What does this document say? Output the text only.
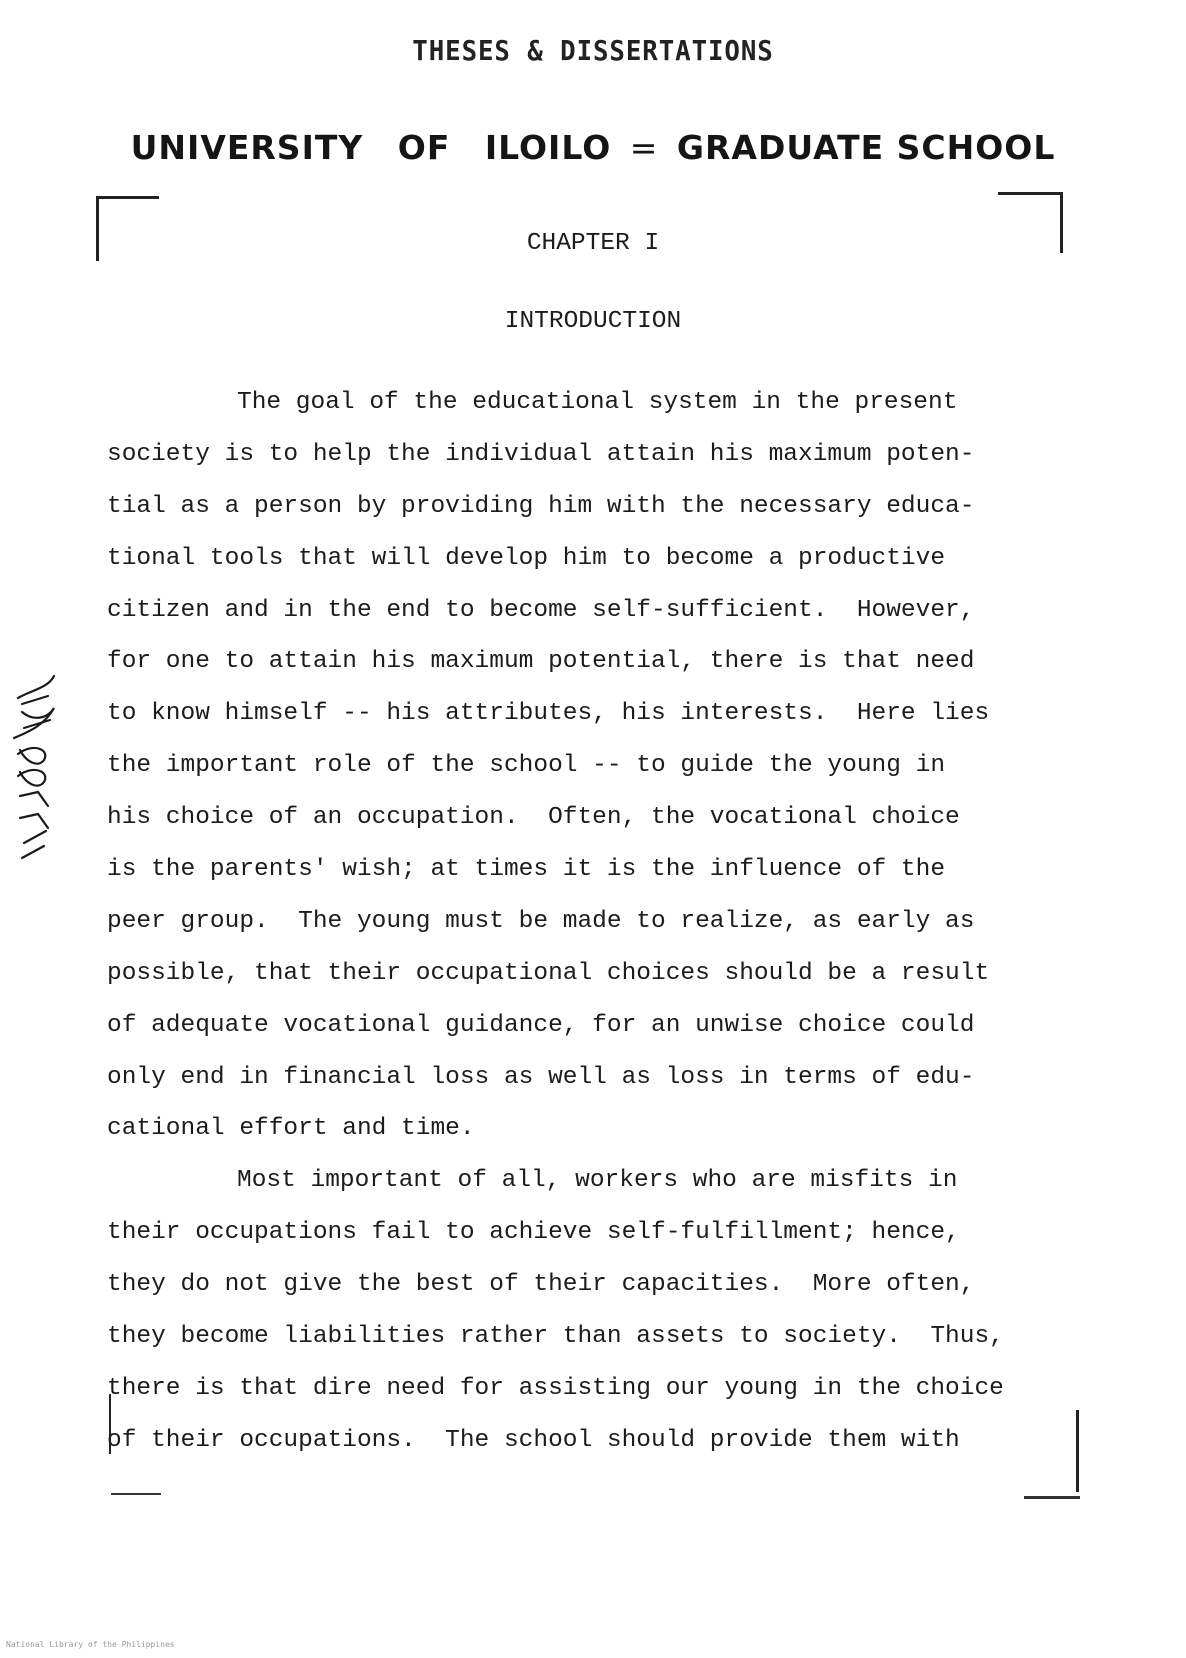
THESES & DISSERTATIONS
UNIVERSITY OF ILOILO = GRADUATE SCHOOL
CHAPTER I
INTRODUCTION
The goal of the educational system in the present
society is to help the individual attain his maximum poten-
tial as a person by providing him with the necessary educa-
tional tools that will develop him to become a productive
citizen and in the end to become self-sufficient.  However,
for one to attain his maximum potential, there is that need
to know himself -- his attributes, his interests.  Here lies
the important role of the school -- to guide the young in
his choice of an occupation.  Often, the vocational choice
is the parents' wish; at times it is the influence of the
peer group.  The young must be made to realize, as early as
possible, that their occupational choices should be a result
of adequate vocational guidance, for an unwise choice could
only end in financial loss as well as loss in terms of edu-
cational effort and time.
Most important of all, workers who are misfits in
their occupations fail to achieve self-fulfillment; hence,
they do not give the best of their capacities.  More often,
they become liabilities rather than assets to society.  Thus,
there is that dire need for assisting our young in the choice
of their occupations.  The school should provide them with
National Library of the Philippines
